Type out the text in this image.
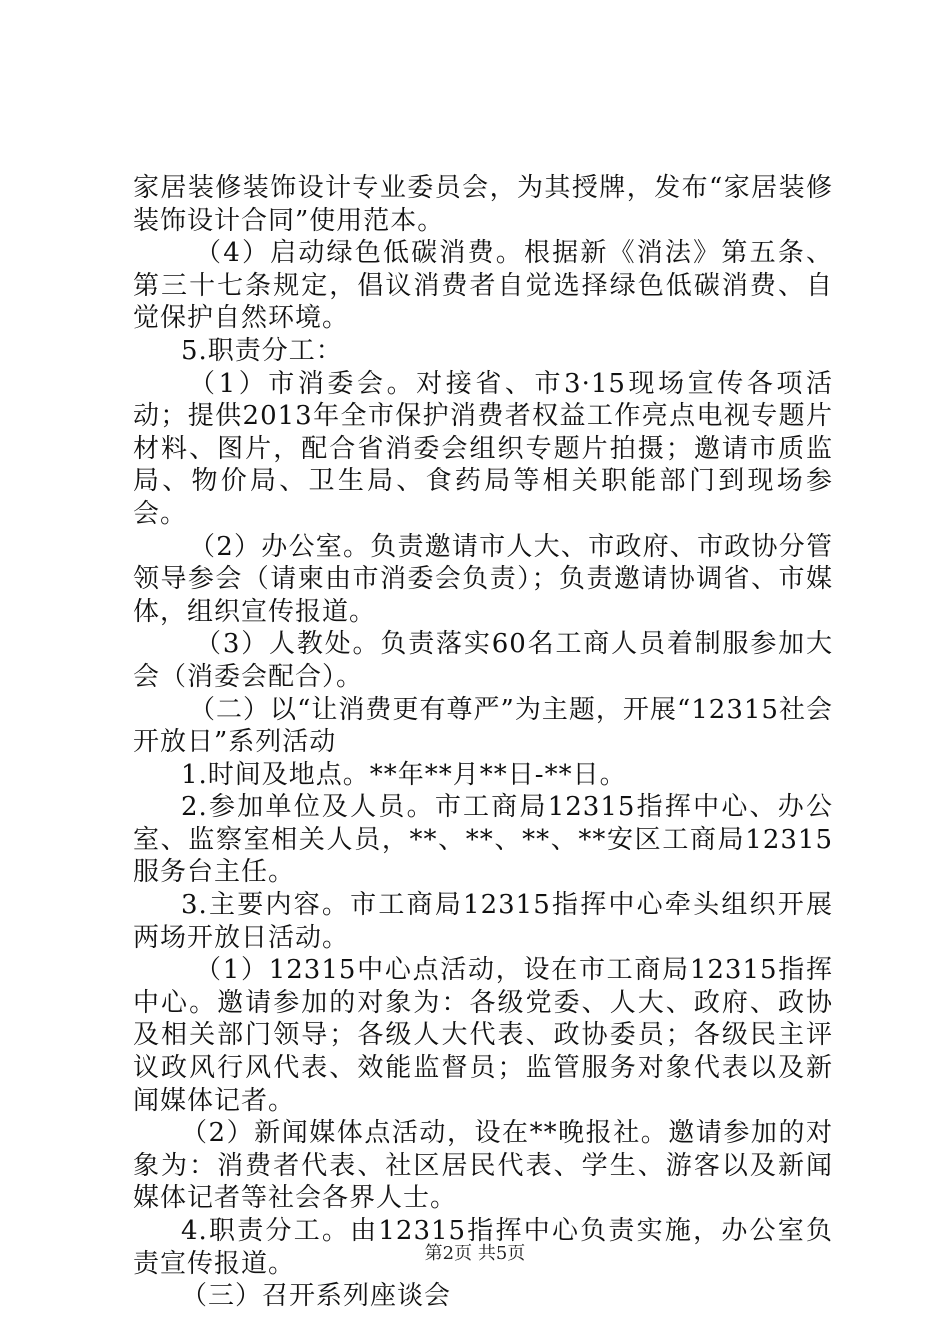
家居装修装饰设计专业委员会，为其授牌，发布“家居装修装饰设计合同”使用范本。

（4）启动绿色低碳消费。根据新《消法》第五条、第三十七条规定，倡议消费者自觉选择绿色低碳消费、自觉保护自然环境。

5.职责分工：

（1）市消委会。对接省、市3·15现场宣传各项活动；提供2013年全市保护消费者权益工作亮点电视专题片材料、图片，配合省消委会组织专题片拍摄；邀请市质监局、物价局、卫生局、食药局等相关职能部门到现场参会。

（2）办公室。负责邀请市人大、市政府、市政协分管领导参会（请柬由市消委会负责）；负责邀请协调省、市媒体，组织宣传报道。

（3）人教处。负责落实60名工商人员着制服参加大会（消委会配合）。

（二）以“让消费更有尊严”为主题，开展“12315社会开放日”系列活动

1.时间及地点。**年**月**日-**日。

2.参加单位及人员。市工商局12315指挥中心、办公室、监察室相关人员，**、**、**、**安区工商局12315服务台主任。

3.主要内容。市工商局12315指挥中心牵头组织开展两场开放日活动。

（1）12315中心点活动，设在市工商局12315指挥中心。邀请参加的对象为：各级党委、人大、政府、政协及相关部门领导；各级人大代表、政协委员；各级民主评议政风行风代表、效能监督员；监管服务对象代表以及新闻媒体记者。

（2）新闻媒体点活动，设在**晚报社。邀请参加的对象为：消费者代表、社区居民代表、学生、游客以及新闻媒体记者等社会各界人士。

4.职责分工。由12315指挥中心负责实施，办公室负责宣传报道。

（三）召开系列座谈会

第2页 共5页
